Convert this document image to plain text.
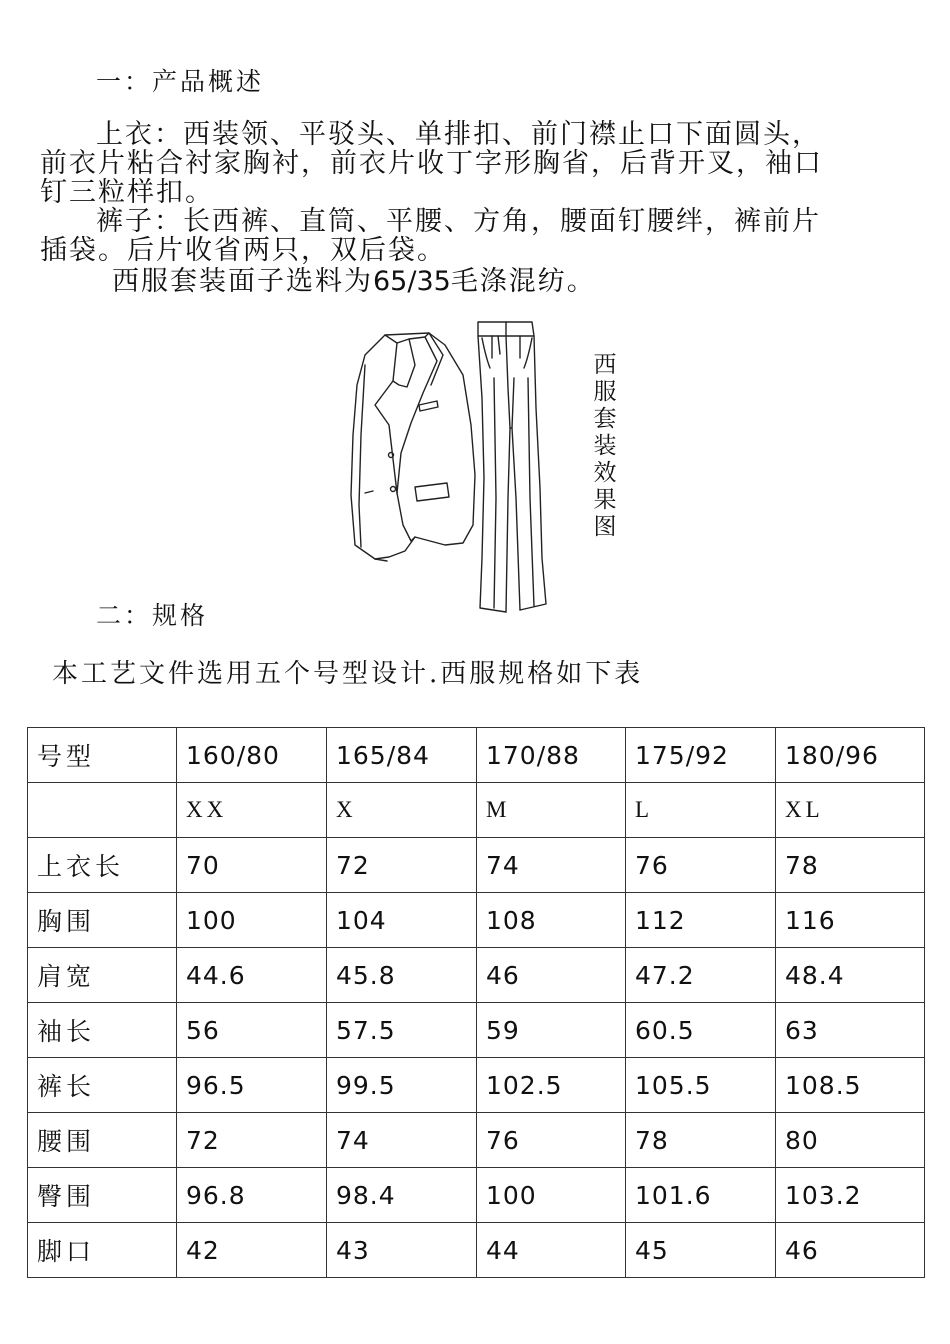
一：产品概述
上衣：西装领、平驳头、单排扣、前门襟止口下面圆头，
前衣片粘合衬家胸衬，前衣片收丁字形胸省，后背开叉，袖口
钉三粒样扣。
裤子：长西裤、直筒、平腰、方角，腰面钉腰绊，裤前片
插袋。后片收省两只，双后袋。
西服套装面子选料为65/35毛涤混纺。
西服套装效果图
二：规格
本工艺文件选用五个号型设计.西服规格如下表
号型	160/80	165/84	170/88	175/92	180/96
	XX	X	M	L	XL
上衣长	70	72	74	76	78
胸围	100	104	108	112	116
肩宽	44.6	45.8	46	47.2	48.4
袖长	56	57.5	59	60.5	63
裤长	96.5	99.5	102.5	105.5	108.5
腰围	72	74	76	78	80
臀围	96.8	98.4	100	101.6	103.2
脚口	42	43	44	45	46
